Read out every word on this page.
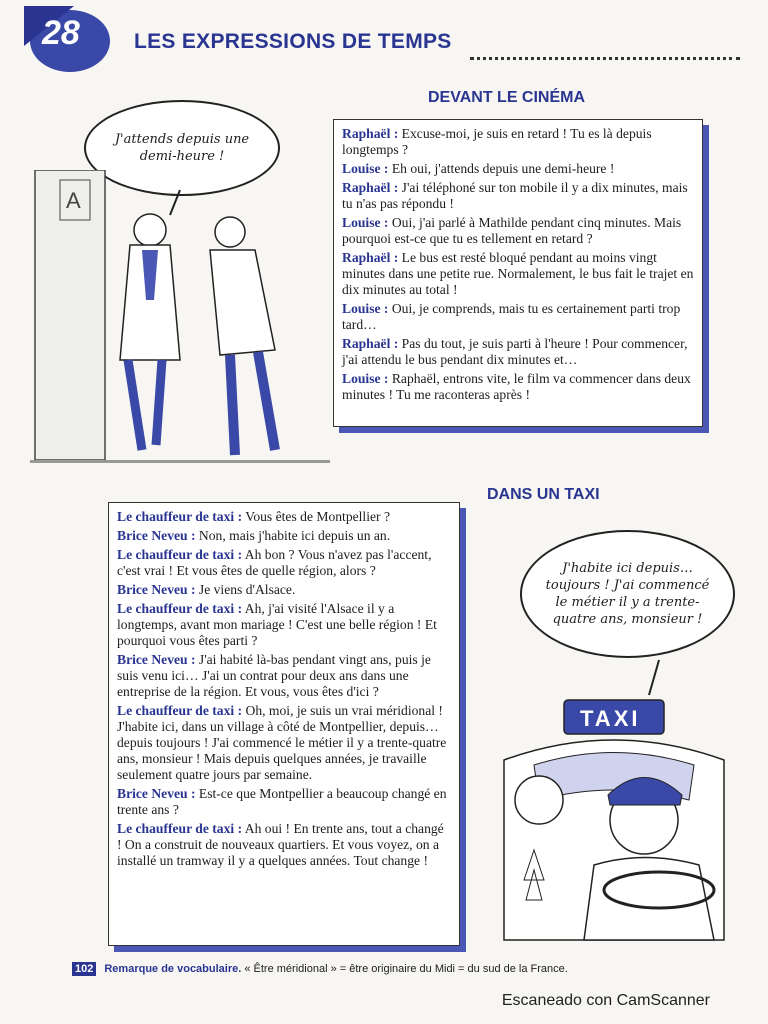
28	LES EXPRESSIONS DE TEMPS
DEVANT LE CINÉMA
J'attends depuis une demi-heure !
A

Raphaël : Excuse-moi, je suis en retard ! Tu es là depuis longtemps ?

Louise : Eh oui, j'attends depuis une demi-heure !

Raphaël : J'ai téléphoné sur ton mobile il y a dix minutes, mais tu n'as pas répondu !

Louise : Oui, j'ai parlé à Mathilde pendant cinq minutes. Mais pourquoi est-ce que tu es tellement en retard ?

Raphaël : Le bus est resté bloqué pendant au moins vingt minutes dans une petite rue. Normalement, le bus fait le trajet en dix minutes au total !

Louise : Oui, je comprends, mais tu es certainement parti trop tard…

Raphaël : Pas du tout, je suis parti à l'heure ! Pour commencer, j'ai attendu le bus pendant dix minutes et…

Louise : Raphaël, entrons vite, le film va commencer dans deux minutes ! Tu me raconteras après !

DANS UN TAXI

Le chauffeur de taxi : Vous êtes de Montpellier ?

Brice Neveu : Non, mais j'habite ici depuis un an.

Le chauffeur de taxi : Ah bon ? Vous n'avez pas l'accent, c'est vrai ! Et vous êtes de quelle région, alors ?

Brice Neveu : Je viens d'Alsace.

Le chauffeur de taxi : Ah, j'ai visité l'Alsace il y a longtemps, avant mon mariage ! C'est une belle région ! Et pourquoi vous êtes parti ?

Brice Neveu : J'ai habité là-bas pendant vingt ans, puis je suis venu ici… J'ai un contrat pour deux ans dans une entreprise de la région. Et vous, vous êtes d'ici ?

Le chauffeur de taxi : Oh, moi, je suis un vrai méridional ! J'habite ici, dans un village à côté de Montpellier, depuis… depuis toujours ! J'ai commencé le métier il y a trente-quatre ans, monsieur ! Mais depuis quelques années, je travaille seulement quatre jours par semaine.

Brice Neveu : Est-ce que Montpellier a beaucoup changé en trente ans ?

Le chauffeur de taxi : Ah oui ! En trente ans, tout a changé ! On a construit de nouveaux quartiers. Et vous voyez, on a installé un tramway il y a quelques années. Tout change !

J'habite ici depuis… toujours ! J'ai commencé le métier il y a trente-quatre ans, monsieur !
TAXI
102 Remarque de vocabulaire. « Être méridional » = être originaire du Midi = du sud de la France.
Escaneado con CamScanner
